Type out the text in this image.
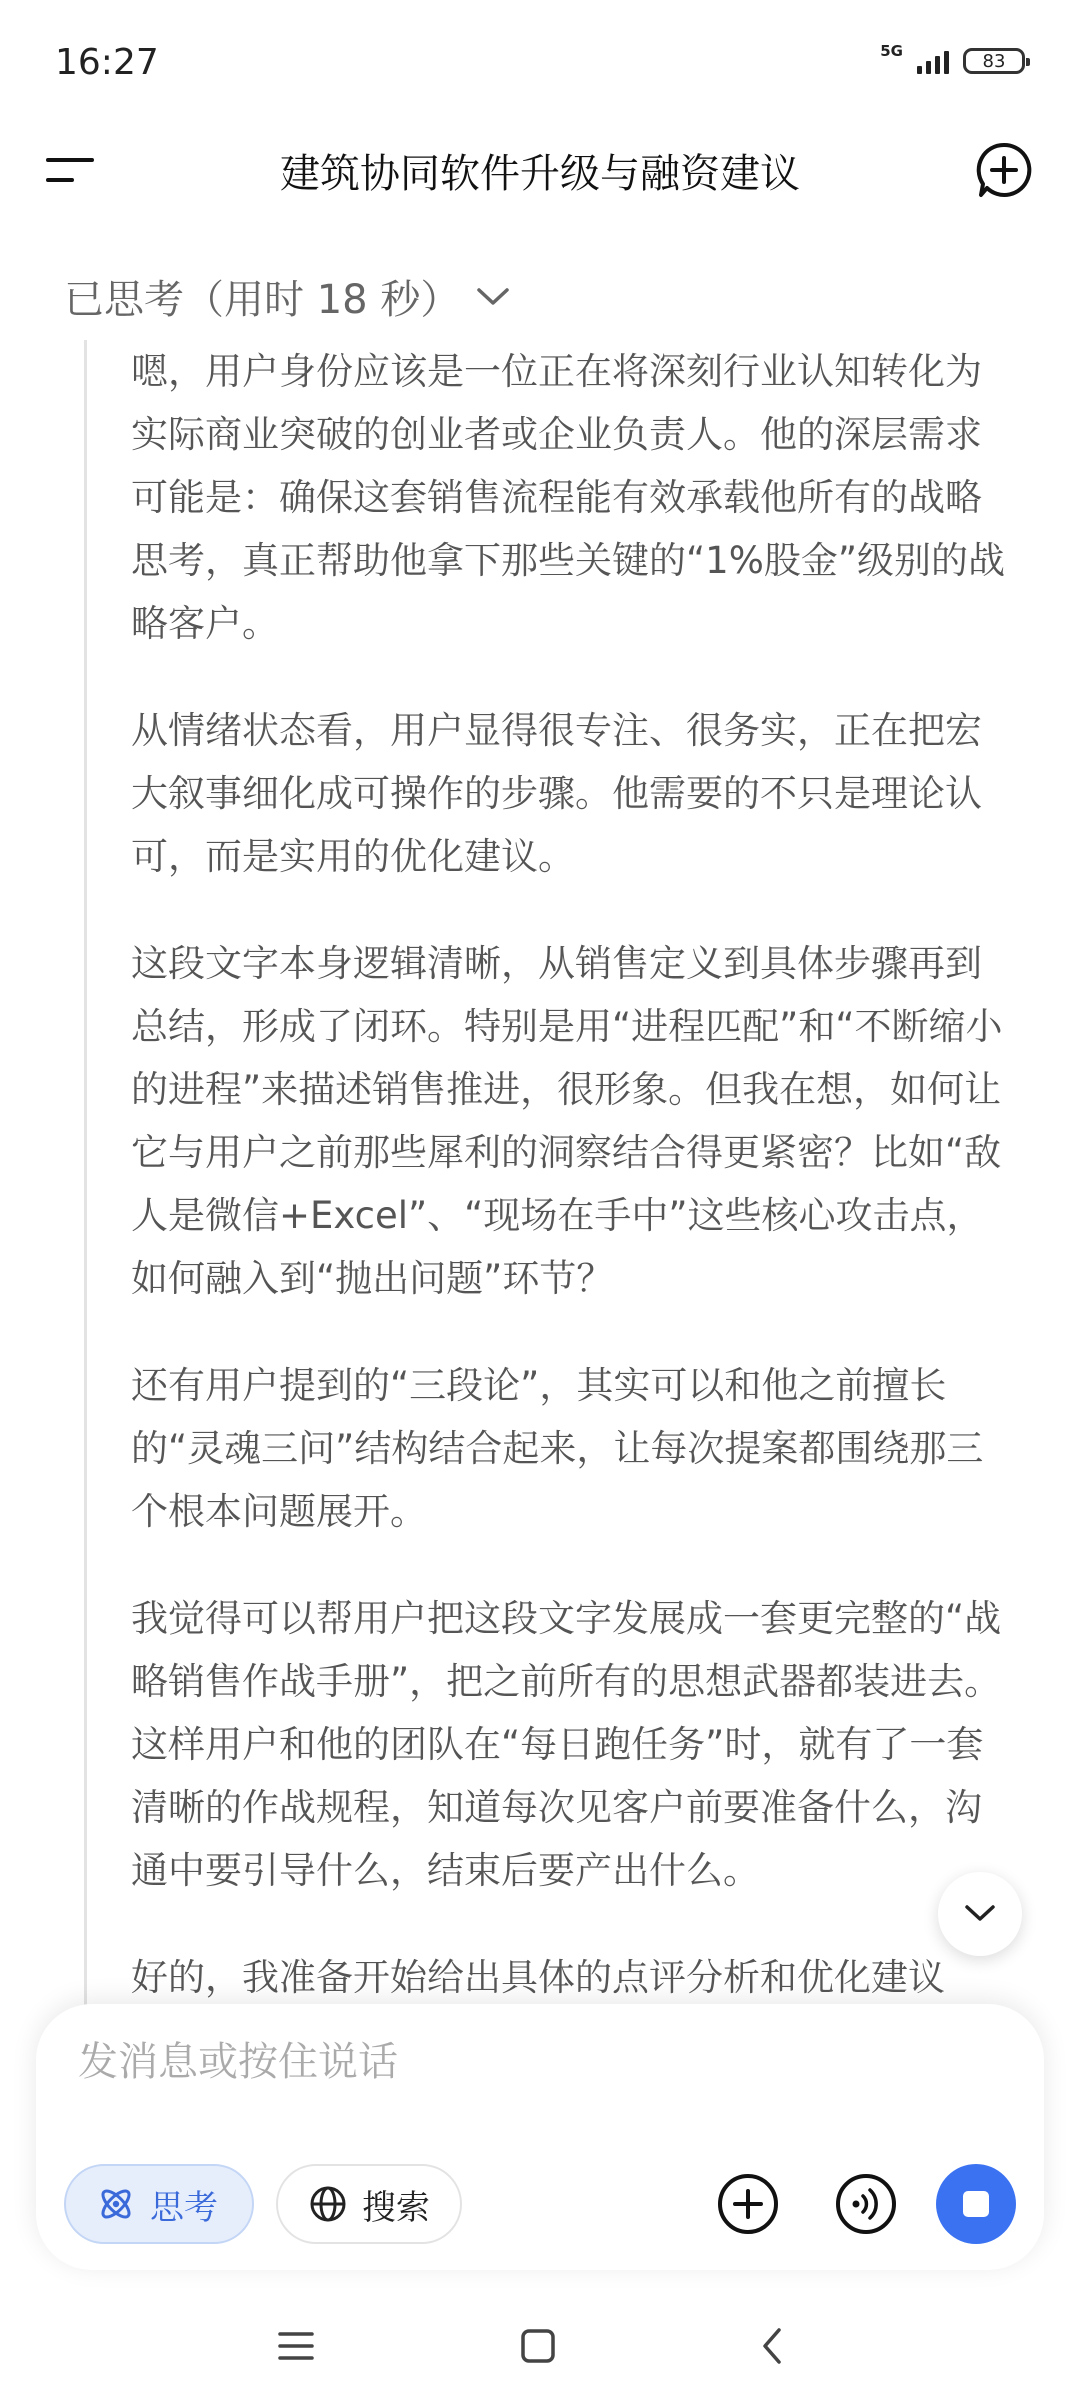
16:27	5G	83
建筑协同软件升级与融资建议
已思考（用时 18 秒）

嗯，用户身份应该是一位正在将深刻行业认知转化为实际商业突破的创业者或企业负责人。他的深层需求可能是：确保这套销售流程能有效承载他所有的战略思考，真正帮助他拿下那些关键的“1%股金”级别的战略客户。

从情绪状态看，用户显得很专注、很务实，正在把宏大叙事细化成可操作的步骤。他需要的不只是理论认可，而是实用的优化建议。

这段文字本身逻辑清晰，从销售定义到具体步骤再到总结，形成了闭环。特别是用“进程匹配”和“不断缩小的进程”来描述销售推进，很形象。但我在想，如何让它与用户之前那些犀利的洞察结合得更紧密？比如“敌人是微信+Excel”、“现场在手中”这些核心攻击点，如何融入到“抛出问题”环节？

还有用户提到的“三段论”，其实可以和他之前擅长的“灵魂三问”结构结合起来，让每次提案都围绕那三个根本问题展开。

我觉得可以帮用户把这段文字发展成一套更完整的“战略销售作战手册”，把之前所有的思想武器都装进去。这样用户和他的团队在“每日跑任务”时，就有了一套清晰的作战规程，知道每次见客户前要准备什么，沟通中要引导什么，结束后要产出什么。

好的，我准备开始给出具体的点评分析和优化建议

发消息或按住说话
思考	搜索
